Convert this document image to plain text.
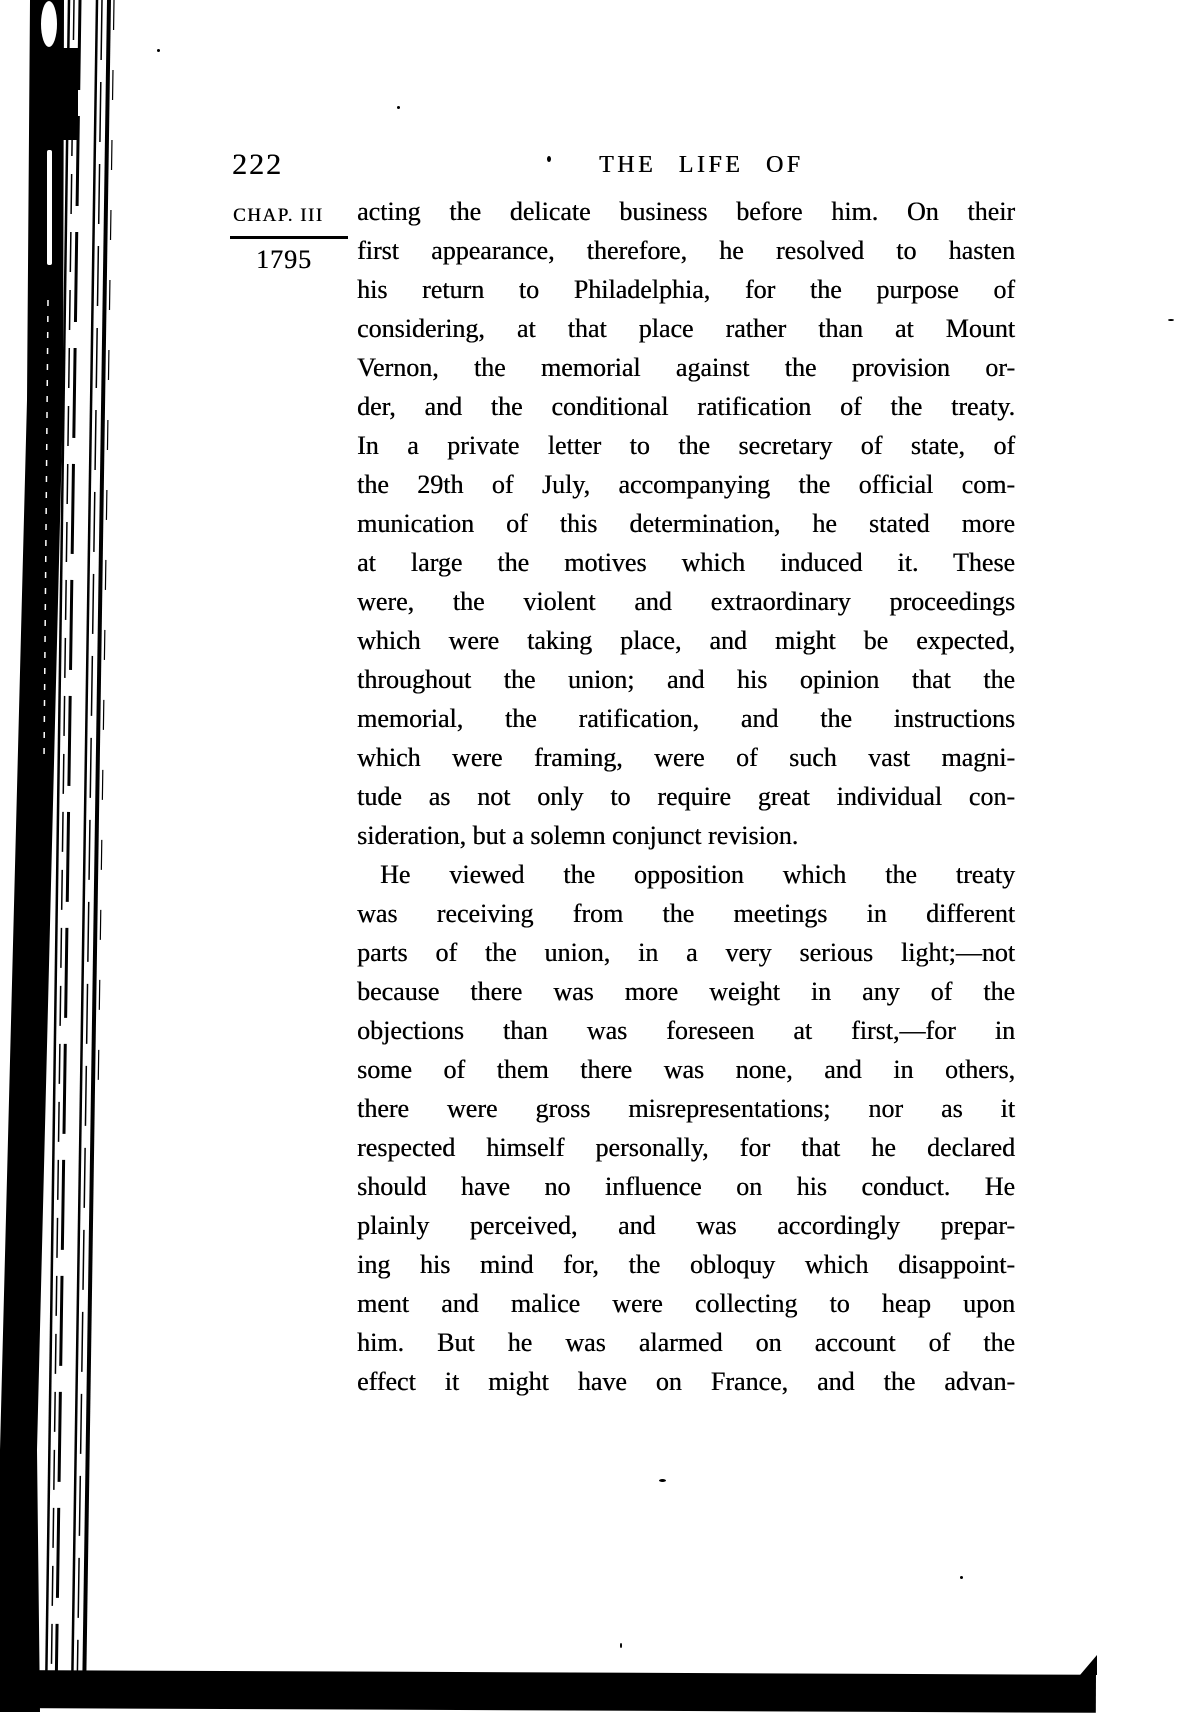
222	THE LIFE OF
CHAP. III
1795
acting the delicate business before him. On their
first appearance, therefore, he resolved to hasten
his return to Philadelphia, for the purpose of
considering, at that place rather than at Mount
Vernon, the memorial against the provision or-
der, and the conditional ratification of the treaty.
In a private letter to the secretary of state, of
the 29th of July, accompanying the official com-
munication of this determination, he stated more
at large the motives which induced it. These
were, the violent and extraordinary proceedings
which were taking place, and might be expected,
throughout the union; and his opinion that the
memorial, the ratification, and the instructions
which were framing, were of such vast magni-
tude as not only to require great individual con-
sideration, but a solemn conjunct revision.
He viewed the opposition which the treaty
was receiving from the meetings in different
parts of the union, in a very serious light;—not
because there was more weight in any of the
objections than was foreseen at first,—for in
some of them there was none, and in others,
there were gross misrepresentations; nor as it
respected himself personally, for that he declared
should have no influence on his conduct. He
plainly perceived, and was accordingly prepar-
ing his mind for, the obloquy which disappoint-
ment and malice were collecting to heap upon
him. But he was alarmed on account of the
effect it might have on France, and the advan-
